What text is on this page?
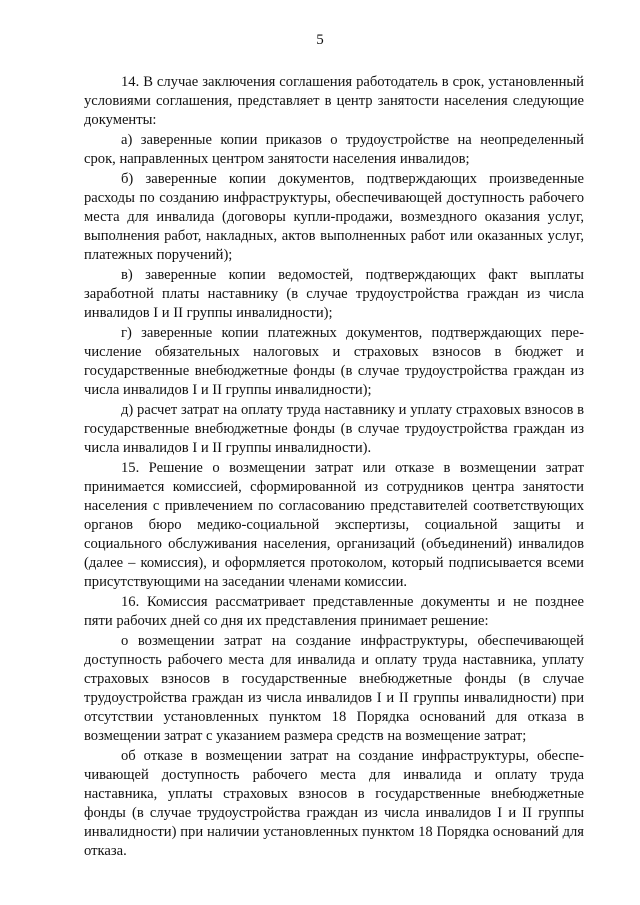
5

14. В случае заключения соглашения работодатель в срок, установленный условиями соглашения, представляет в центр занятости населения следующие документы:

а) заверенные копии приказов о трудоустройстве на неопределенный срок, направленных центром занятости населения инвалидов;

б) заверенные копии документов, подтверждающих произведенные расходы по созданию инфраструктуры, обеспечивающей доступность рабочего места для инвалида (договоры купли-продажи, возмездного оказания услуг, выполнения работ, накладных, актов выполненных работ или оказанных услуг, платежных поручений);

в) заверенные копии ведомостей, подтверждающих факт выплаты заработной платы наставнику (в случае трудоустройства граждан из числа инвалидов I и II группы инвалидности);

г) заверенные копии платежных документов, подтверждающих перечисление обязательных налоговых и страховых взносов в бюджет и государственные внебюджетные фонды (в случае трудоустройства граждан из числа инвалидов I и II группы инвалидности);

д) расчет затрат на оплату труда наставнику и уплату страховых взносов в государственные внебюджетные фонды (в случае трудоустройства граждан из числа инвалидов I и II группы инвалидности).

15. Решение о возмещении затрат или отказе в возмещении затрат принимается комиссией, сформированной из сотрудников центра занятости населения с привлечением по согласованию представителей соответствующих органов бюро медико-социальной экспертизы, социальной защиты и социального обслуживания населения, организаций (объединений) инвалидов (далее – комиссия), и оформляется протоколом, который подписывается всеми присутствующими на заседании членами комиссии.

16. Комиссия рассматривает представленные документы и не позднее пяти рабочих дней со дня их представления принимает решение:

о возмещении затрат на создание инфраструктуры, обеспечивающей доступность рабочего места для инвалида и оплату труда наставника, уплату страховых взносов в государственные внебюджетные фонды (в случае трудоустройства граждан из числа инвалидов I и II группы инвалидности) при отсутствии установленных пунктом 18 Порядка оснований для отказа в возмещении затрат с указанием размера средств на возмещение затрат;

об отказе в возмещении затрат на создание инфраструктуры, обеспечивающей доступность рабочего места для инвалида и оплату труда наставника, уплаты страховых взносов в государственные внебюджетные фонды (в случае трудоустройства граждан из числа инвалидов I и II группы инвалидности) при наличии установленных пунктом 18 Порядка оснований для отказа.
